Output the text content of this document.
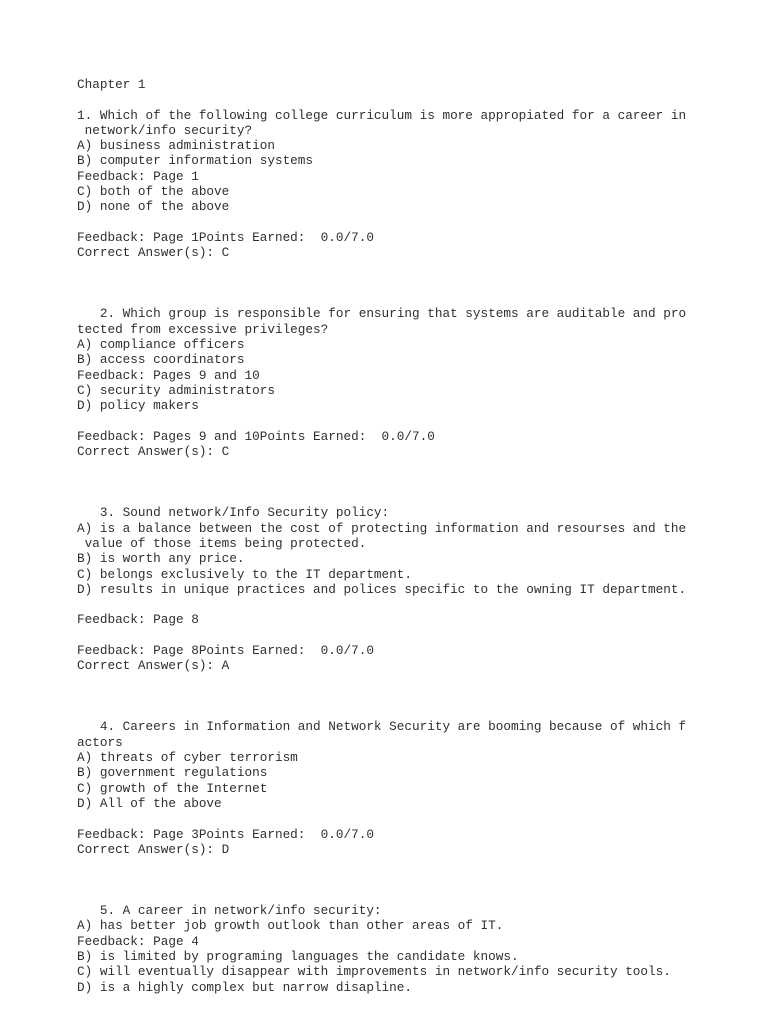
Chapter 1
1. Which of the following college curriculum is more appropiated for a career in
network/info security?
A) business administration
B) computer information systems
Feedback: Page 1
C) both of the above
D) none of the above
Feedback: Page 1Points Earned:  0.0/7.0
Correct Answer(s): C
2. Which group is responsible for ensuring that systems are auditable and pro
tected from excessive privileges?
A) compliance officers
B) access coordinators
Feedback: Pages 9 and 10
C) security administrators
D) policy makers
Feedback: Pages 9 and 10Points Earned:  0.0/7.0
Correct Answer(s): C
3. Sound network/Info Security policy:
A) is a balance between the cost of protecting information and resourses and the
value of those items being protected.
B) is worth any price.
C) belongs exclusively to the IT department.
D) results in unique practices and polices specific to the owning IT department.
Feedback: Page 8
Feedback: Page 8Points Earned:  0.0/7.0
Correct Answer(s): A
4. Careers in Information and Network Security are booming because of which f
actors
A) threats of cyber terrorism
B) government regulations
C) growth of the Internet
D) All of the above
Feedback: Page 3Points Earned:  0.0/7.0
Correct Answer(s): D
5. A career in network/info security:
A) has better job growth outlook than other areas of IT.
Feedback: Page 4
B) is limited by programing languages the candidate knows.
C) will eventually disappear with improvements in network/info security tools.
D) is a highly complex but narrow disapline.
